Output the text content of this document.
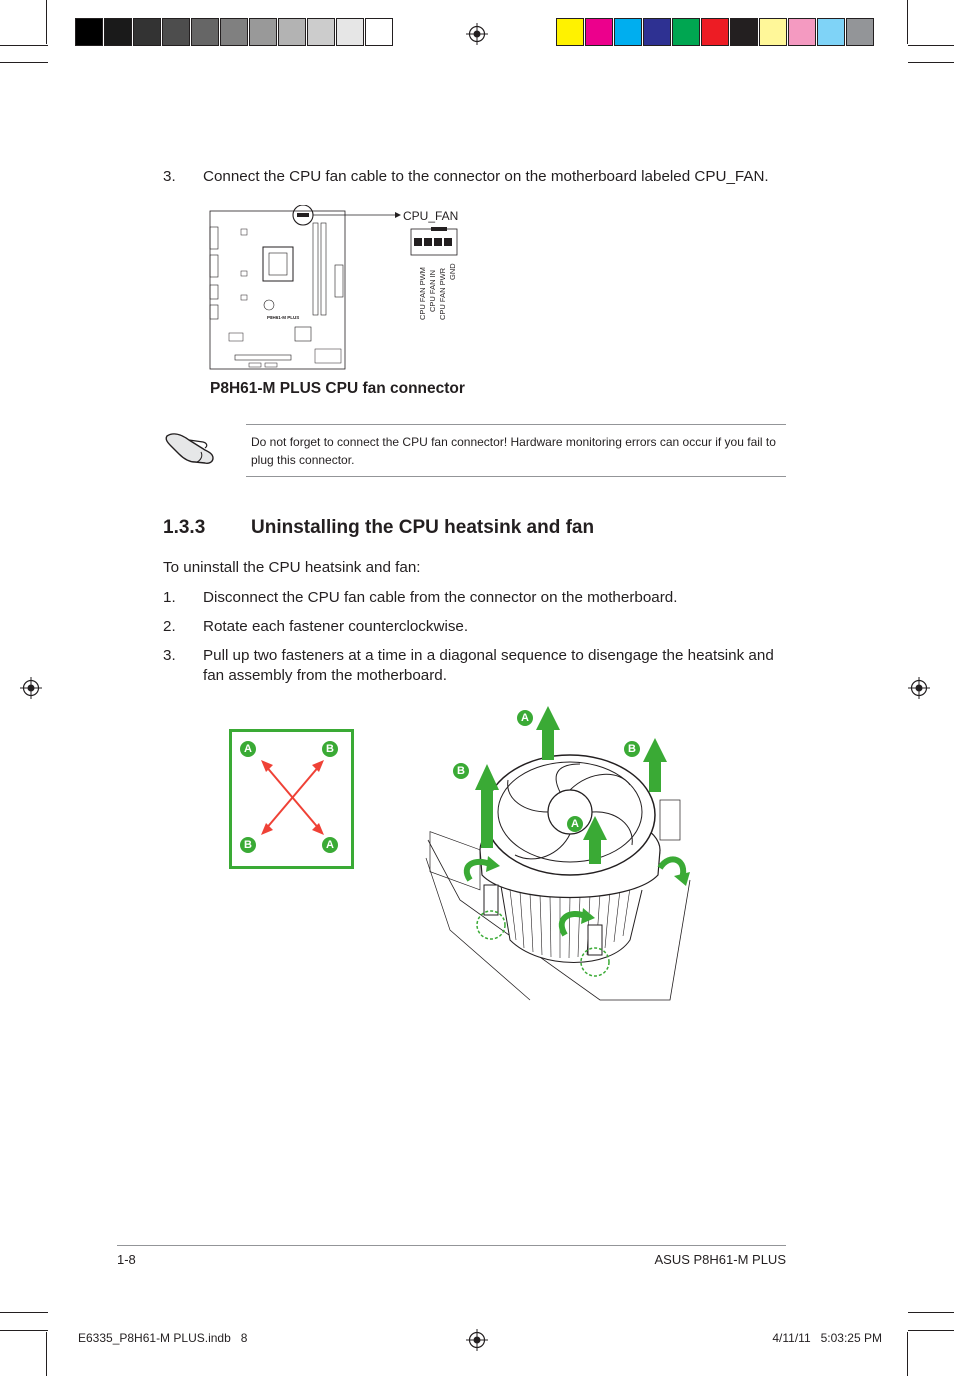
3. Connect the CPU fan cable to the connector on the motherboard labeled CPU_FAN.
P8H61-M PLUS
CPU_FAN
CPU FAN PWM CPU FAN IN CPU FAN PWR GND
P8H61-M PLUS CPU fan connector
Do not forget to connect the CPU fan connector! Hardware monitoring errors can occur if you fail to plug this connector.
1.3.3 Uninstalling the CPU heatsink and fan
To uninstall the CPU heatsink and fan:
1. Disconnect the CPU fan cable from the connector on the motherboard.
2. Rotate each fastener counterclockwise.
3. Pull up two fasteners at a time in a diagonal sequence to disengage the heatsink and fan assembly from the motherboard.
A	B
B	A
A
B
B
A
1-8	ASUS P8H61-M PLUS
E6335_P8H61-M PLUS.indb   8	4/11/11   5:03:25 PM
